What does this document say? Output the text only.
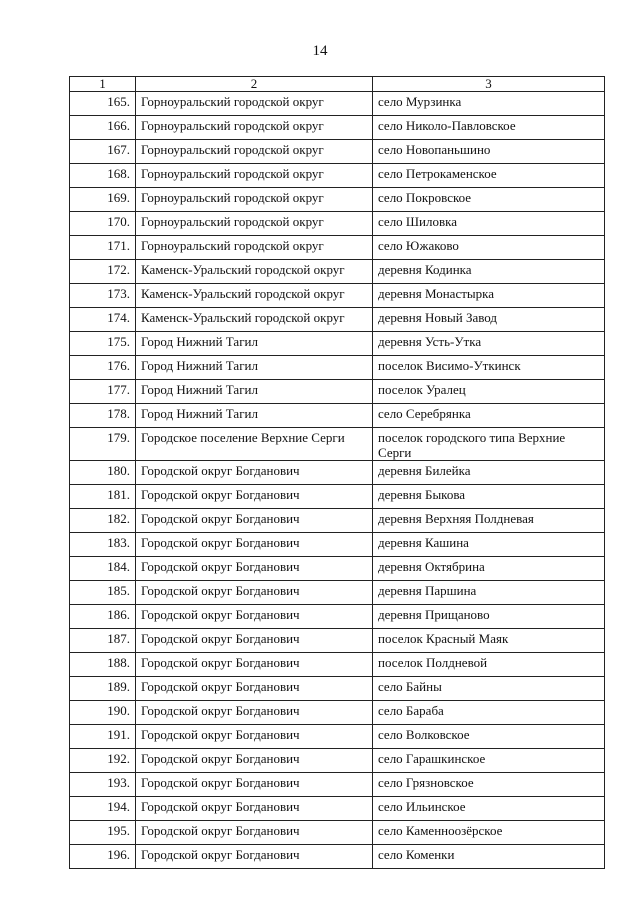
14
1	2	3
165.	Горноуральский городской округ	село Мурзинка
166.	Горноуральский городской округ	село Николо-Павловское
167.	Горноуральский городской округ	село Новопаньшино
168.	Горноуральский городской округ	село Петрокаменское
169.	Горноуральский городской округ	село Покровское
170.	Горноуральский городской округ	село Шиловка
171.	Горноуральский городской округ	село Южаково
172.	Каменск-Уральский городской округ	деревня Кодинка
173.	Каменск-Уральский городской округ	деревня Монастырка
174.	Каменск-Уральский городской округ	деревня Новый Завод
175.	Город Нижний Тагил	деревня Усть-Утка
176.	Город Нижний Тагил	поселок Висимо-Уткинск
177.	Город Нижний Тагил	поселок Уралец
178.	Город Нижний Тагил	село Серебрянка
179.	Городское поселение Верхние Серги	поселок городского типа Верхние Серги
180.	Городской округ Богданович	деревня Билейка
181.	Городской округ Богданович	деревня Быкова
182.	Городской округ Богданович	деревня Верхняя Полдневая
183.	Городской округ Богданович	деревня Кашина
184.	Городской округ Богданович	деревня Октябрина
185.	Городской округ Богданович	деревня Паршина
186.	Городской округ Богданович	деревня Прищаново
187.	Городской округ Богданович	поселок Красный Маяк
188.	Городской округ Богданович	поселок Полдневой
189.	Городской округ Богданович	село Байны
190.	Городской округ Богданович	село Бараба
191.	Городской округ Богданович	село Волковское
192.	Городской округ Богданович	село Гарашкинское
193.	Городской округ Богданович	село Грязновское
194.	Городской округ Богданович	село Ильинское
195.	Городской округ Богданович	село Каменноозёрское
196.	Городской округ Богданович	село Коменки
